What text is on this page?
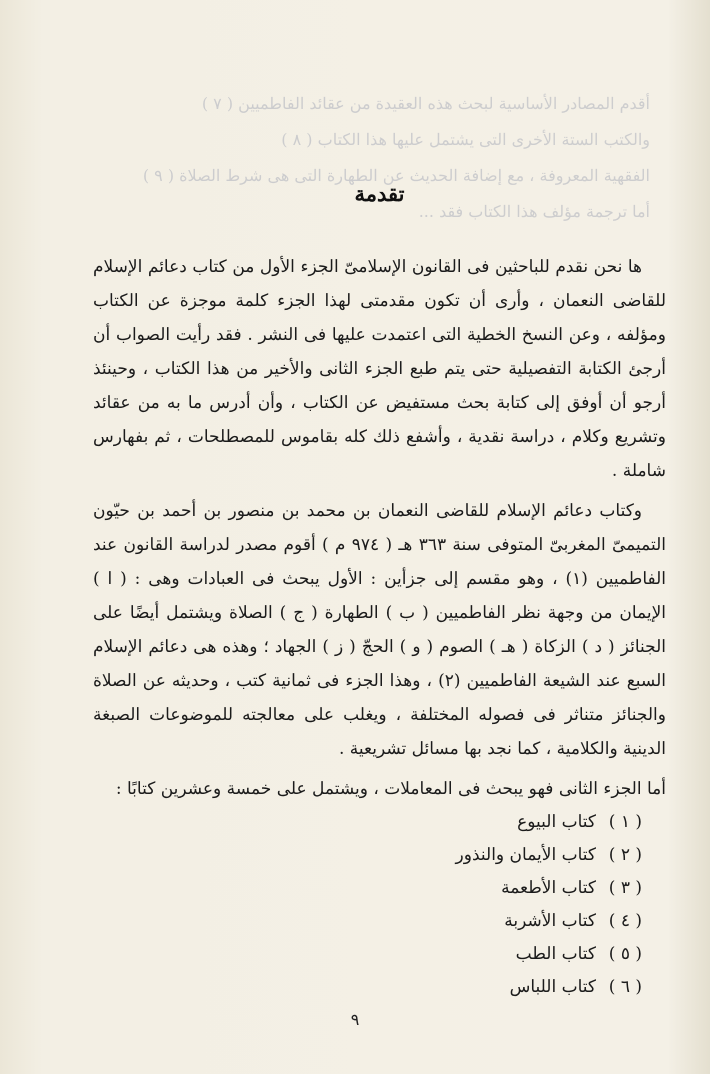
أقدم المصادر الأساسية لبحث هذه العقيدة من عقائد الفاطميين ( ٧ )

والكتب الستة الأخرى التى يشتمل عليها هذا الكتاب ( ٨ )

الفقهية المعروفة ، مع إضافة الحديث عن الطهارة التى هى شرط الصلاة ( ٩ )

أما ترجمة مؤلف هذا الكتاب فقد ...

تقدمة

ها نحن نقدم للباحثين فى القانون الإسلامىّ الجزء الأول من كتاب دعائم الإسلام للقاضى النعمان ، وأرى أن تكون مقدمتى لهذا الجزء كلمة موجزة عن الكتاب ومؤلفه ، وعن النسخ الخطية التى اعتمدت عليها فى النشر . فقد رأيت الصواب أن أرجئ الكتابة التفصيلية حتى يتم طبع الجزء الثانى والأخير من هذا الكتاب ، وحينئذ أرجو أن أوفق إلى كتابة بحث مستفيض عن الكتاب ، وأن أدرس ما به من عقائد وتشريع وكلام ، دراسة نقدية ، وأشفع ذلك كله بقاموس للمصطلحات ، ثم بفهارس شاملة .

وكتاب دعائم الإسلام للقاضى النعمان بن محمد بن منصور بن أحمد بن حيّون التميمىّ المغربىّ المتوفى سنة ٣٦٣ هـ ( ٩٧٤ م ) أقوم مصدر لدراسة القانون عند الفاطميين (١) ، وهو مقسم إلى جزأين : الأول يبحث فى العبادات وهى : ( ا ) الإيمان من وجهة نظر الفاطميين ( ب ) الطهارة ( ج ) الصلاة ويشتمل أيضًا على الجنائز ( د ) الزكاة ( هـ ) الصوم ( و ) الحجّ ( ز ) الجهاد ؛ وهذه هى دعائم الإسلام السبع عند الشيعة الفاطميين (٢) ، وهذا الجزء فى ثمانية كتب ، وحديثه عن الصلاة والجنائز متناثر فى فصوله المختلفة ، ويغلب على معالجته للموضوعات الصبغة الدينية والكلامية ، كما نجد بها مسائل تشريعية .

أما الجزء الثانى فهو يبحث فى المعاملات ، ويشتمل على خمسة وعشرين كتابًا :

( ١ )كتاب البيوع
( ٢ )كتاب الأيمان والنذور
( ٣ )كتاب الأطعمة
( ٤ )كتاب الأشربة
( ٥ )كتاب الطب
( ٦ )كتاب اللباس
٩
